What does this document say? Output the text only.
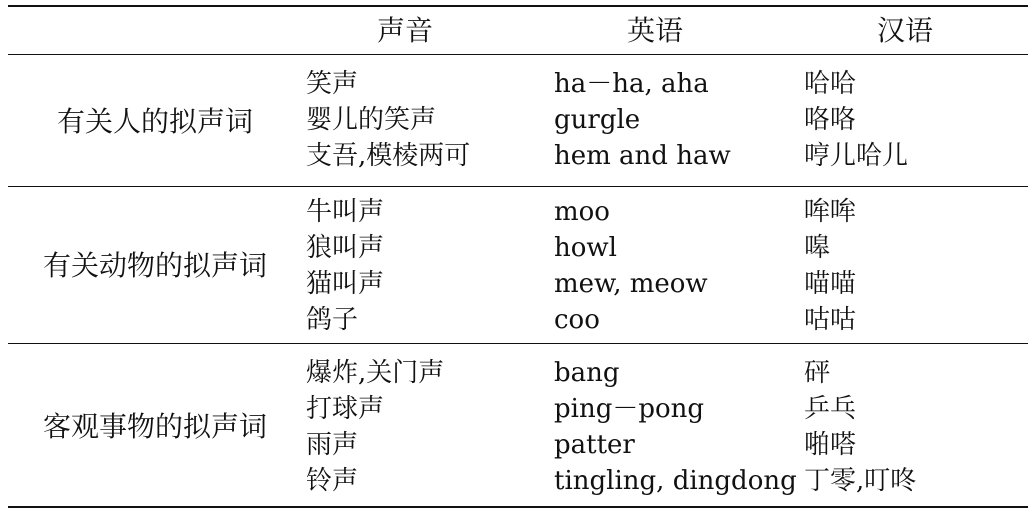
声音	英语	汉语
有关人的拟声词
笑声
婴儿的笑声
支吾,模棱两可
ha－ha, aha
gurgle
hem and haw
哈哈
咯咯
哼儿哈儿
有关动物的拟声词
牛叫声
狼叫声
猫叫声
鸽子
moo
howl
mew, meow
coo
哞哞
嗥
喵喵
咕咕
客观事物的拟声词
爆炸,关门声
打球声
雨声
铃声
bang
ping－pong
patter
tingling, dingdong
砰
乒乓
啪嗒
丁零,叮咚
